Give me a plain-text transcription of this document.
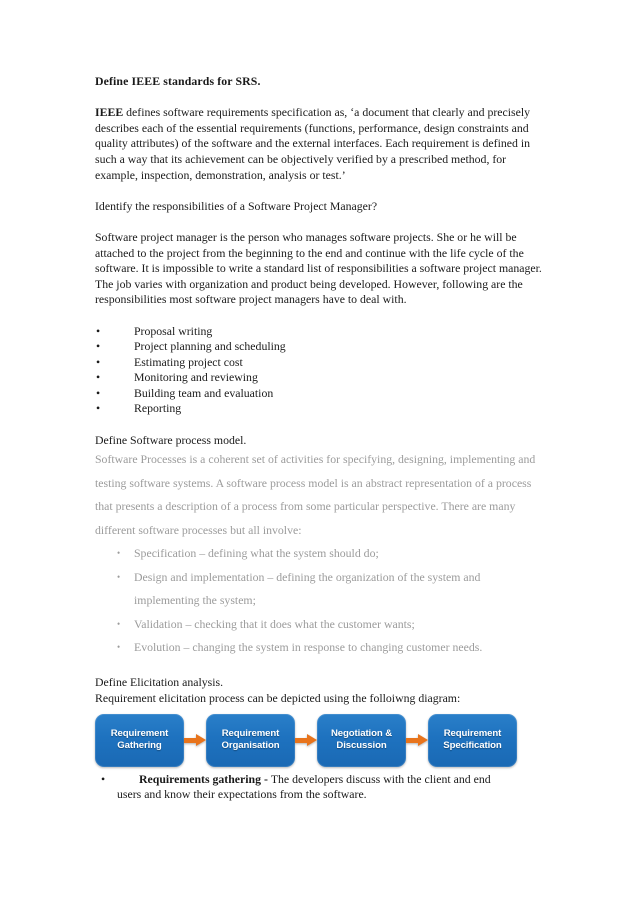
Define IEEE standards for SRS.

IEEE defines software requirements specification as, ‘a document that clearly and precisely describes each of the essential requirements (functions, performance, design constraints and quality attributes) of the software and the external interfaces. Each requirement is defined in such a way that its achievement can be objectively verified by a prescribed method, for example, inspection, demonstration, analysis or test.’

Identify the responsibilities of a Software Project Manager?

Software project manager is the person who manages software projects. She or he will be attached to the project from the beginning to the end and continue with the life cycle of the software. It is impossible to write a standard list of responsibilities a software project manager. The job varies with organization and product being developed. However, following are the responsibilities most software project managers have to deal with.

•	Proposal writing
•	Project planning and scheduling
•	Estimating project cost
•	Monitoring and reviewing
•	Building team and evaluation
•	Reporting

Define Software process model.

Software Processes is a coherent set of activities for specifying, designing, implementing and testing software systems. A software process model is an abstract representation of a process that presents a description of a process from some particular perspective. There are many different software processes but all involve:

• Specification – defining what the system should do;
• Design and implementation – defining the organization of the system and implementing the system;
• Validation – checking that it does what the customer wants;
• Evolution – changing the system in response to changing customer needs.

Define Elicitation analysis.

Requirement elicitation process can be depicted using the folloiwng diagram:

Requirement
Gathering
Requirement
Organisation
Negotiation &
Discussion
Requirement
Specification
•	Requirements gathering - The developers discuss with the client and end
users and know their expectations from the software.
